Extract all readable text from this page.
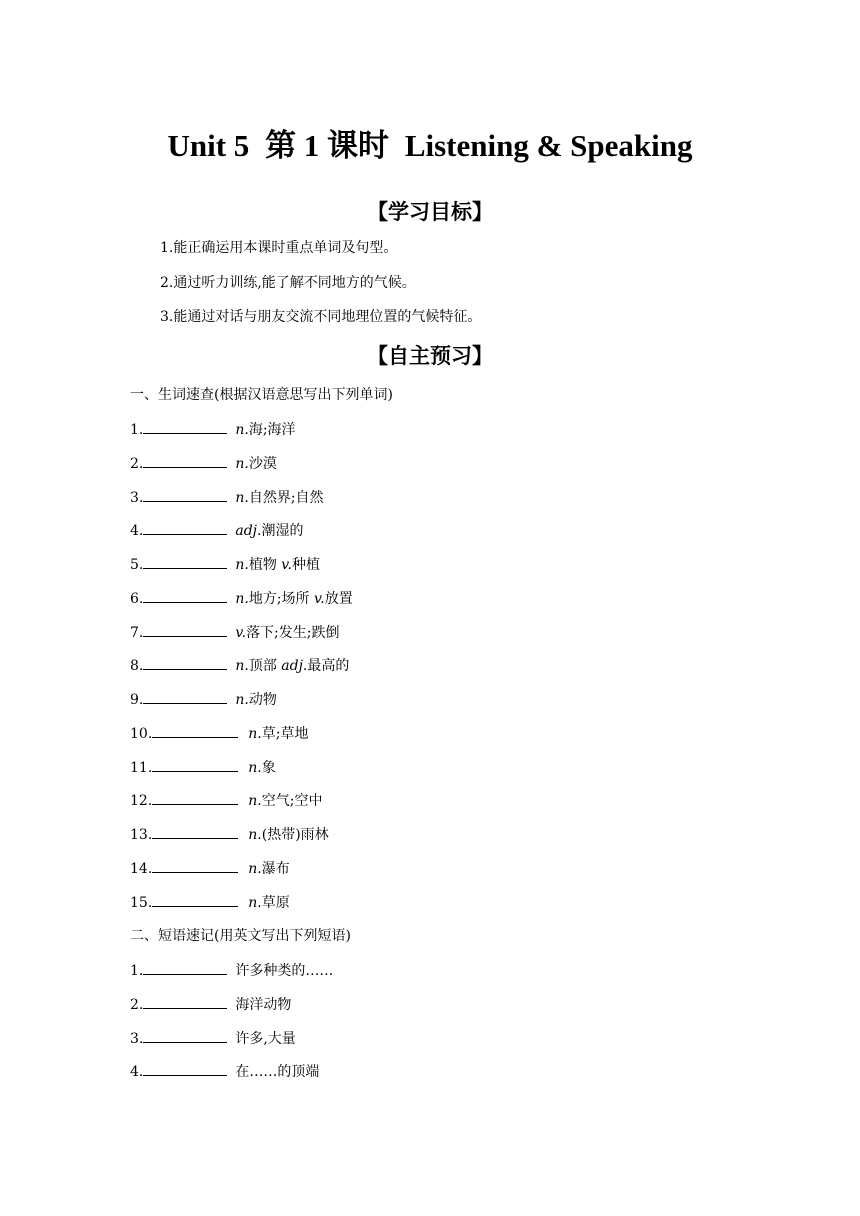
Unit 5 第 1 课时 Listening & Speaking
【学习目标】
1.能正确运用本课时重点单词及句型。
2.通过听力训练,能了解不同地方的气候。
3.能通过对话与朋友交流不同地理位置的气候特征。
【自主预习】
一、生词速查(根据汉语意思写出下列单词)
1.	n.海;海洋
2.	n.沙漠
3.	n.自然界;自然
4.	adj.潮湿的
5.	n.植物 v.种植
6.	n.地方;场所 v.放置
7.	v.落下;发生;跌倒
8.	n.顶部 adj.最高的
9.	n.动物
10.	n.草;草地
11.	n.象
12.	n.空气;空中
13.	n.(热带)雨林
14.	n.瀑布
15.	n.草原
二、短语速记(用英文写出下列短语)
1.	许多种类的……
2.	海洋动物
3.	许多,大量
4.	在……的顶端
